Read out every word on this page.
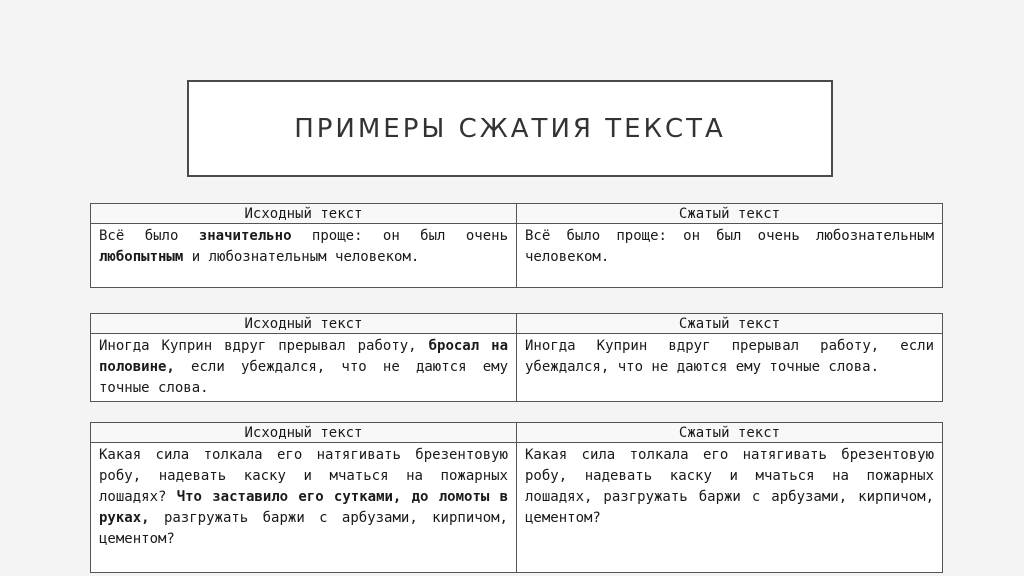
ПРИМЕРЫ СЖАТИЯ ТЕКСТА
Исходный текст	Сжатый текст
Всё было значительно проще: он был очень любопытным и любознательным человеком.	Всё было проще: он был очень любознательным человеком.
Исходный текст	Сжатый текст
Иногда Куприн вдруг прерывал работу, бросал на половине, если убеждался, что не даются ему точные слова.	Иногда Куприн вдруг прерывал работу, если убеждался, что не даются ему точные слова.
Исходный текст	Сжатый текст
Какая сила толкала его натягивать брезентовую робу, надевать каску и мчаться на пожарных лошадях? Что заставило его сутками, до ломоты в руках, разгружать баржи с арбузами, кирпичом, цементом?	Какая сила толкала его натягивать брезентовую робу, надевать каску и мчаться на пожарных лошадях, разгружать баржи с арбузами, кирпичом, цементом?
